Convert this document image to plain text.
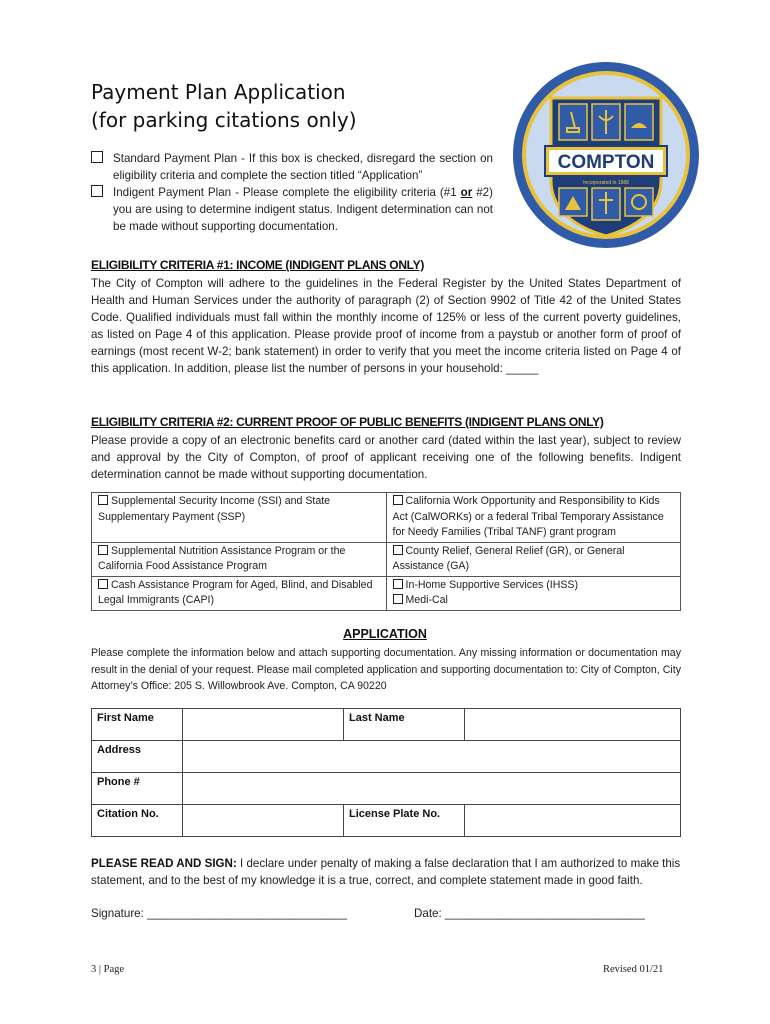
Payment Plan Application
(for parking citations only)
Standard Payment Plan - If this box is checked, disregard the section on eligibility criteria and complete the section titled “Application”
Indigent Payment Plan - Please complete the eligibility criteria (#1 or #2) you are using to determine indigent status. Indigent determination can not be made without supporting documentation.
CITY OF
COMPTON
Incorporated in 1888
ELIGIBILITY CRITERIA #1: INCOME (INDIGENT PLANS ONLY)
The City of Compton will adhere to the guidelines in the Federal Register by the United States Department of Health and Human Services under the authority of paragraph (2) of Section 9902 of Title 42 of the United States Code. Qualified individuals must fall within the monthly income of 125% or less of the current poverty guidelines, as listed on Page 4 of this application. Please provide proof of income from a paystub or another form of proof of earnings (most recent W-2; bank statement) in order to verify that you meet the income criteria listed on Page 4 of this application. In addition, please list the number of persons in your household: _____
ELIGIBILITY CRITERIA #2: CURRENT PROOF OF PUBLIC BENEFITS (INDIGENT PLANS ONLY)
Please provide a copy of an electronic benefits card or another card (dated within the last year), subject to review and approval by the City of Compton, of proof of applicant receiving one of the following benefits. Indigent determination cannot be made without supporting documentation.
Supplemental Security Income (SSI) and State Supplementary Payment (SSP)	California Work Opportunity and Responsibility to Kids Act (CalWORKs) or a federal Tribal Temporary Assistance for Needy Families (Tribal TANF) grant program
Supplemental Nutrition Assistance Program or the California Food Assistance Program	County Relief, General Relief (GR), or General Assistance (GA)
Cash Assistance Program for Aged, Blind, and Disabled Legal Immigrants (CAPI)	In-Home Supportive Services (IHSS)
Medi-Cal
APPLICATION
Please complete the information below and attach supporting documentation. Any missing information or documentation may result in the denial of your request. Please mail completed application and supporting documentation to: City of Compton, City Attorney’s Office: 205 S. Willowbrook Ave. Compton, CA 90220
First Name		Last Name	
Address			
Phone #			
Citation No.		License Plate No.	
PLEASE READ AND SIGN: I declare under penalty of making a false declaration that I am authorized to make this statement, and to the best of my knowledge it is a true, correct, and complete statement made in good faith.
Signature: _______________________________	Date: _______________________________
3 | Page	Revised 01/21
